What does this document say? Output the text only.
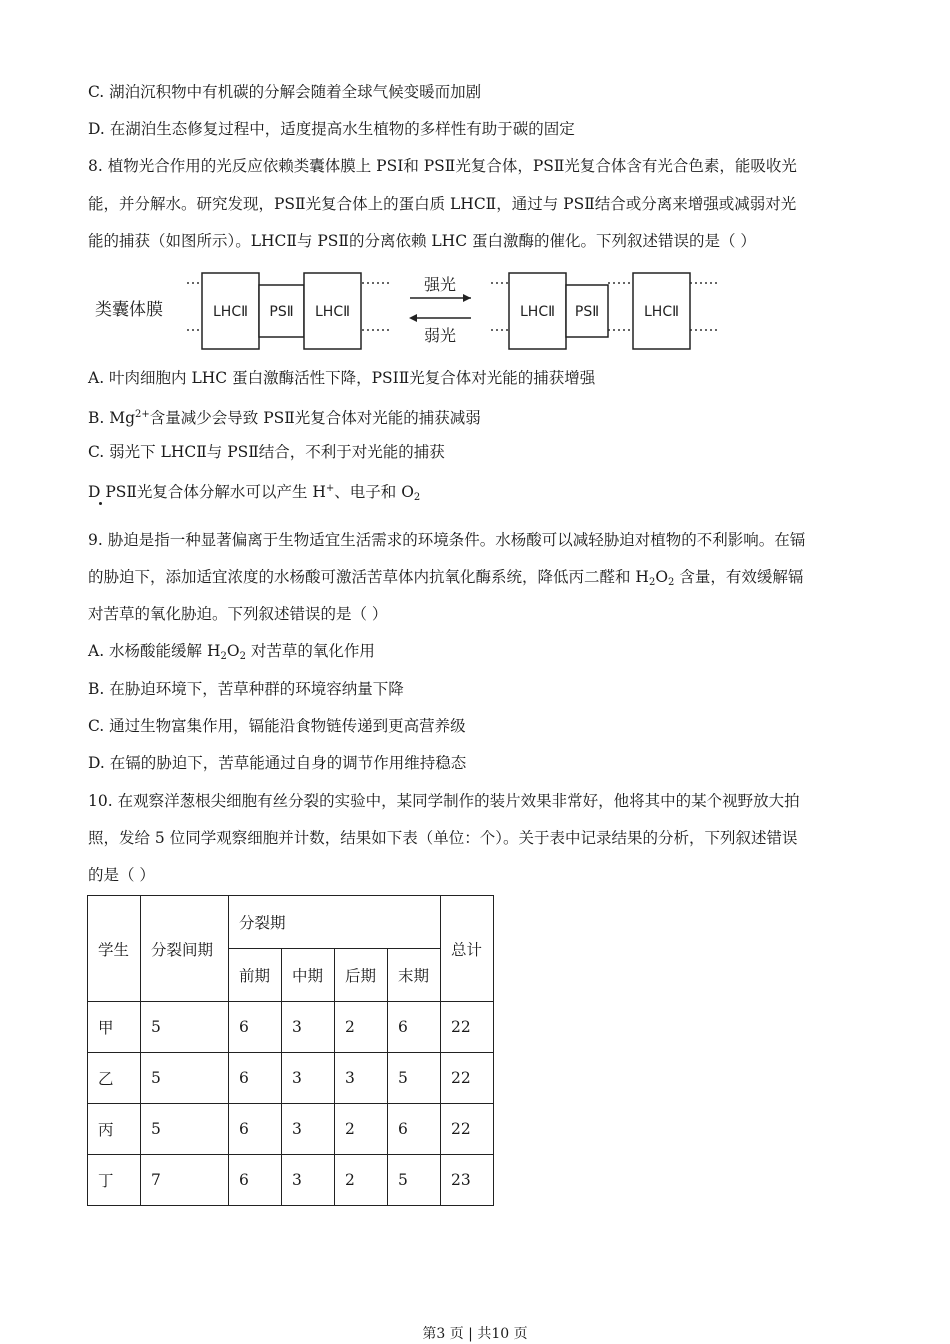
C. 湖泊沉积物中有机碳的分解会随着全球气候变暖而加剧
D. 在湖泊生态修复过程中，适度提高水生植物的多样性有助于碳的固定
8. 植物光合作用的光反应依赖类囊体膜上 PSⅠ和 PSⅡ光复合体，PSⅡ光复合体含有光合色素，能吸收光
能，并分解水。研究发现，PSⅡ光复合体上的蛋白质 LHCⅡ，通过与 PSⅡ结合或分离来增强或减弱对光
能的捕获（如图所示）。LHCⅡ与 PSⅡ的分离依赖 LHC 蛋白激酶的催化。下列叙述错误的是（ ）
类囊体膜	LHCⅡ PSⅡ LHCⅡ
强光
弱光
LHCⅡ PSⅡ	LHCⅡ
A. 叶肉细胞内 LHC 蛋白激酶活性下降，PSIⅡ光复合体对光能的捕获增强
B. $Mg^{2+}$含量减少会导致 PSⅡ光复合体对光能的捕获减弱
C. 弱光下 LHCⅡ与 PSⅡ结合，不利于对光能的捕获
D PSⅡ光复合体分解水可以产生 H+、电子和 $O_2$
9. 胁迫是指一种显著偏离于生物适宜生活需求的环境条件。水杨酸可以减轻胁迫对植物的不利影响。在镉
的胁迫下，添加适宜浓度的水杨酸可激活苦草体内抗氧化酶系统，降低丙二醛和 $H_2O_2$ 含量，有效缓解镉
对苦草的氧化胁迫。下列叙述错误的是（ ）
A. 水杨酸能缓解 $H_2O_2$ 对苦草的氧化作用
B. 在胁迫环境下，苦草种群的环境容纳量下降
C. 通过生物富集作用，镉能沿食物链传递到更高营养级
D. 在镉的胁迫下，苦草能通过自身的调节作用维持稳态
10. 在观察洋葱根尖细胞有丝分裂的实验中，某同学制作的装片效果非常好，他将其中的某个视野放大拍
照，发给 5 位同学观察细胞并计数，结果如下表（单位：个）。关于表中记录结果的分析，下列叙述错误
的是（ ）
学生	分裂间期	分裂期				总计
		前期	中期	后期	末期	
甲	5	6	3	2	6	22
乙	5	6	3	3	5	22
丙	5	6	3	2	6	22
丁	7	6	3	2	5	23
第3 页 | 共10 页
